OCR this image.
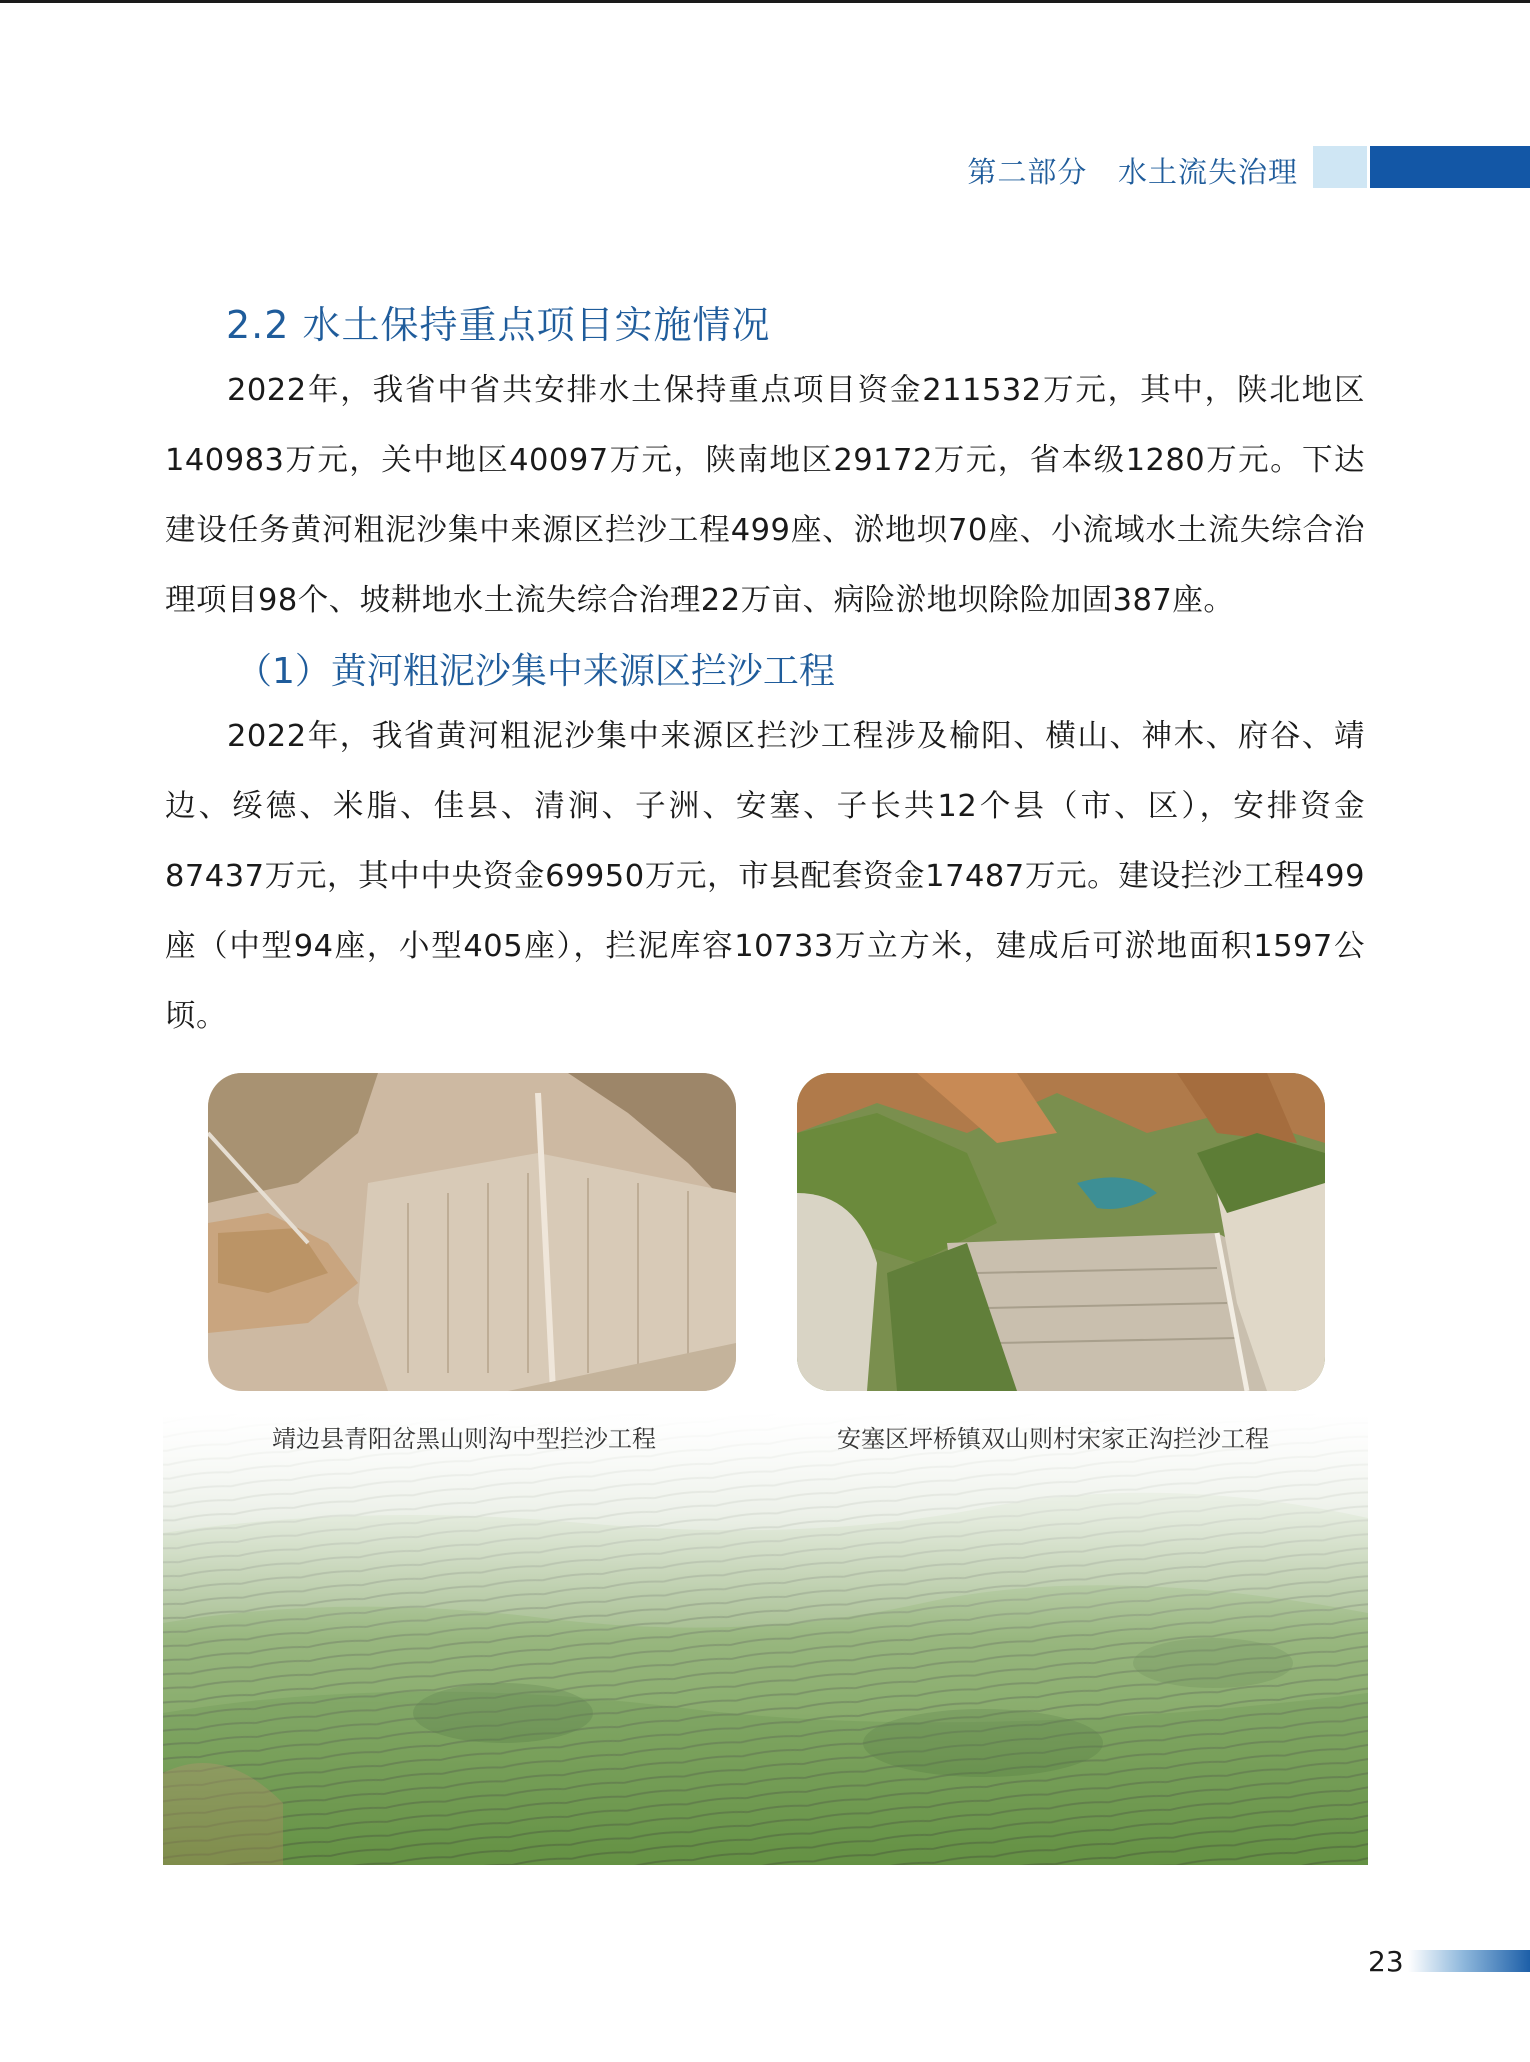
第二部分   水土流失治理
2.2 水土保持重点项目实施情况

2022年，我省中省共安排水土保持重点项目资金211532万元，其中，陕北地区140983万元，关中地区40097万元，陕南地区29172万元，省本级1280万元。下达建设任务黄河粗泥沙集中来源区拦沙工程499座、淤地坝70座、小流域水土流失综合治理项目98个、坡耕地水土流失综合治理22万亩、病险淤地坝除险加固387座。

（1）黄河粗泥沙集中来源区拦沙工程

2022年，我省黄河粗泥沙集中来源区拦沙工程涉及榆阳、横山、神木、府谷、靖边、绥德、米脂、佳县、清涧、子洲、安塞、子长共12个县（市、区），安排资金87437万元，其中中央资金69950万元，市县配套资金17487万元。建设拦沙工程499座（中型94座，小型405座），拦泥库容10733万立方米，建成后可淤地面积1597公顷。

靖边县青阳岔黑山则沟中型拦沙工程	安塞区坪桥镇双山则村宋家正沟拦沙工程
23
